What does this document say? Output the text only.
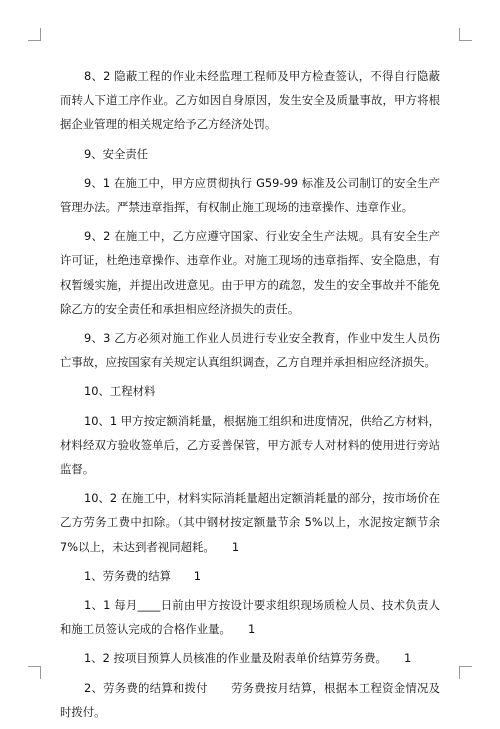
8、2 隐蔽工程的作业未经监理工程师及甲方检查签认，不得自行隐蔽而转人下道工序作业。乙方如因自身原因，发生安全及质量事故，甲方将根据企业管理的相关规定给予乙方经济处罚。

9、安全责任

9、1 在施工中，甲方应贯彻执行 G59-99 标准及公司制订的安全生产管理办法。严禁违章指挥，有权制止施工现场的违章操作、违章作业。

9、2 在施工中，乙方应遵守国家、行业安全生产法规。具有安全生产许可证，杜绝违章操作、违章作业。对施工现场的违章指挥、安全隐患，有权暂缓实施，并提出改进意见。由于甲方的疏忽，发生的安全事故并不能免除乙方的安全责任和承担相应经济损失的责任。

9、3 乙方必须对施工作业人员进行专业安全教育，作业中发生人员伤亡事故，应按国家有关规定认真组织调查，乙方自理并承担相应经济损失。

10、工程材料

10、1 甲方按定额消耗量，根据施工组织和进度情况，供给乙方材料，材料经双方验收签单后，乙方妥善保管，甲方派专人对材料的使用进行旁站监督。

10、2 在施工中，材料实际消耗量超出定额消耗量的部分，按市场价在乙方劳务工费中扣除。（其中钢材按定额量节余 5%以上，水泥按定额节余 7%以上，未达到者视同超耗。　　1

1、劳务费的结算　　1

1、1 每月____日前由甲方按设计要求组织现场质检人员、技术负责人和施工员签认完成的合格作业量。　　1

1、2 按项目预算人员核准的作业量及附表单价结算劳务费。　　1

2、劳务费的结算和拨付　　劳务费按月结算，根据本工程资金情况及时拨付。
